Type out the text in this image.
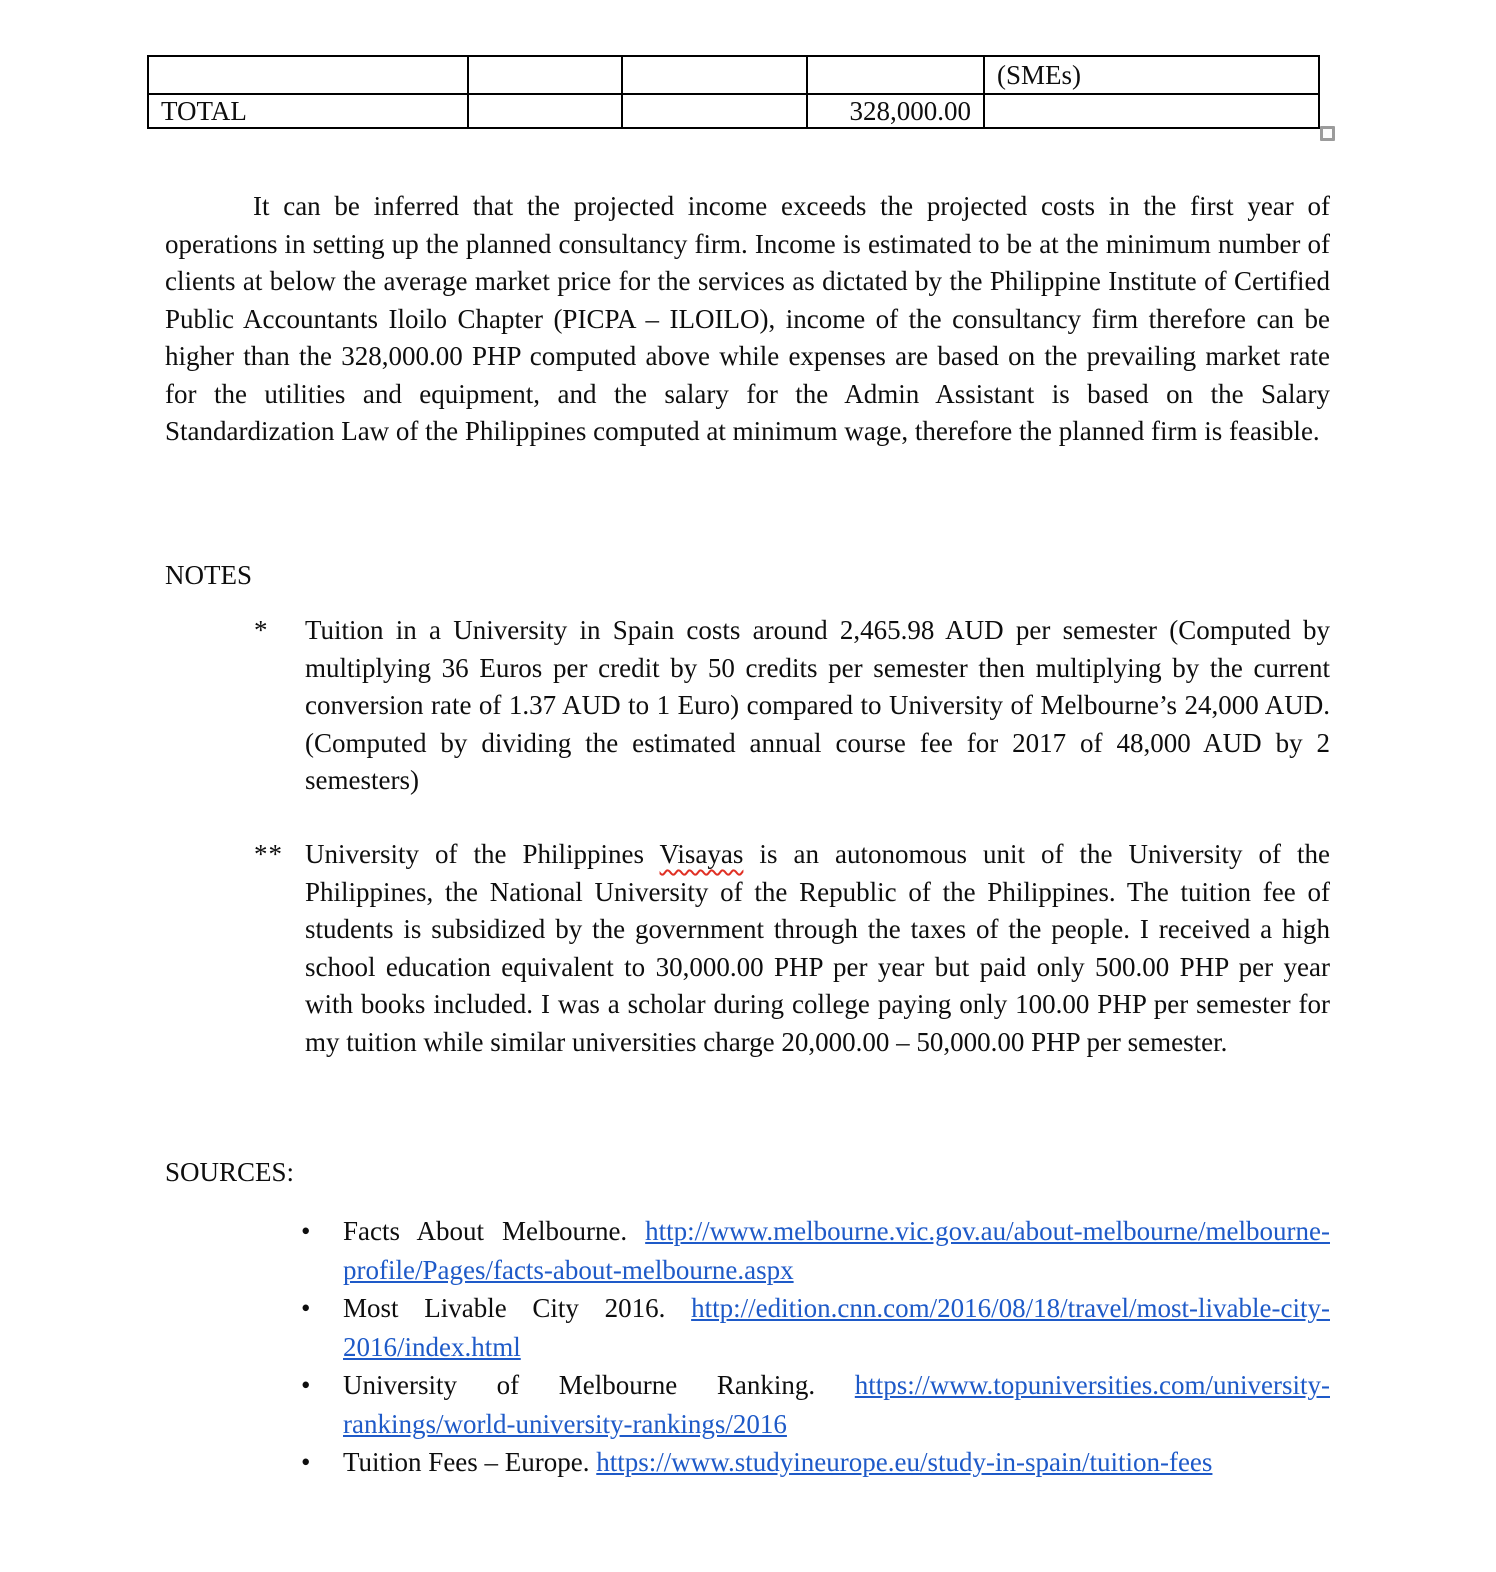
				(SMEs)
TOTAL			328,000.00	

It can be inferred that the projected income exceeds the projected costs in the first year of operations in setting up the planned consultancy firm. Income is estimated to be at the minimum number of clients at below the average market price for the services as dictated by the Philippine Institute of Certified Public Accountants Iloilo Chapter (PICPA – ILOILO), income of the consultancy firm therefore can be higher than the 328,000.00 PHP computed above while expenses are based on the prevailing market rate for the utilities and equipment, and the salary for the Admin Assistant is based on the Salary Standardization Law of the Philippines computed at minimum wage, therefore the planned firm is feasible.

NOTES
* Tuition in a University in Spain costs around 2,465.98 AUD per semester (Computed by multiplying 36 Euros per credit by 50 credits per semester then multiplying by the current conversion rate of 1.37 AUD to 1 Euro) compared to University of Melbourne’s 24,000 AUD. (Computed by dividing the estimated annual course fee for 2017 of 48,000 AUD by 2 semesters)
** University of the Philippines Visayas is an autonomous unit of the University of the Philippines, the National University of the Republic of the Philippines. The tuition fee of students is subsidized by the government through the taxes of the people. I received a high school education equivalent to 30,000.00 PHP per year but paid only 500.00 PHP per year with books included. I was a scholar during college paying only 100.00 PHP per semester for my tuition while similar universities charge 20,000.00 – 50,000.00 PHP per semester.
SOURCES:
• Facts About Melbourne. http://www.melbourne.vic.gov.au/about-melbourne/melbourne-profile/Pages/facts-about-melbourne.aspx
• Most Livable City 2016. http://edition.cnn.com/2016/08/18/travel/most-livable-city-2016/index.html
• University of Melbourne Ranking. https://www.topuniversities.com/university-rankings/world-university-rankings/2016
• Tuition Fees – Europe. https://www.studyineurope.eu/study-in-spain/tuition-fees
